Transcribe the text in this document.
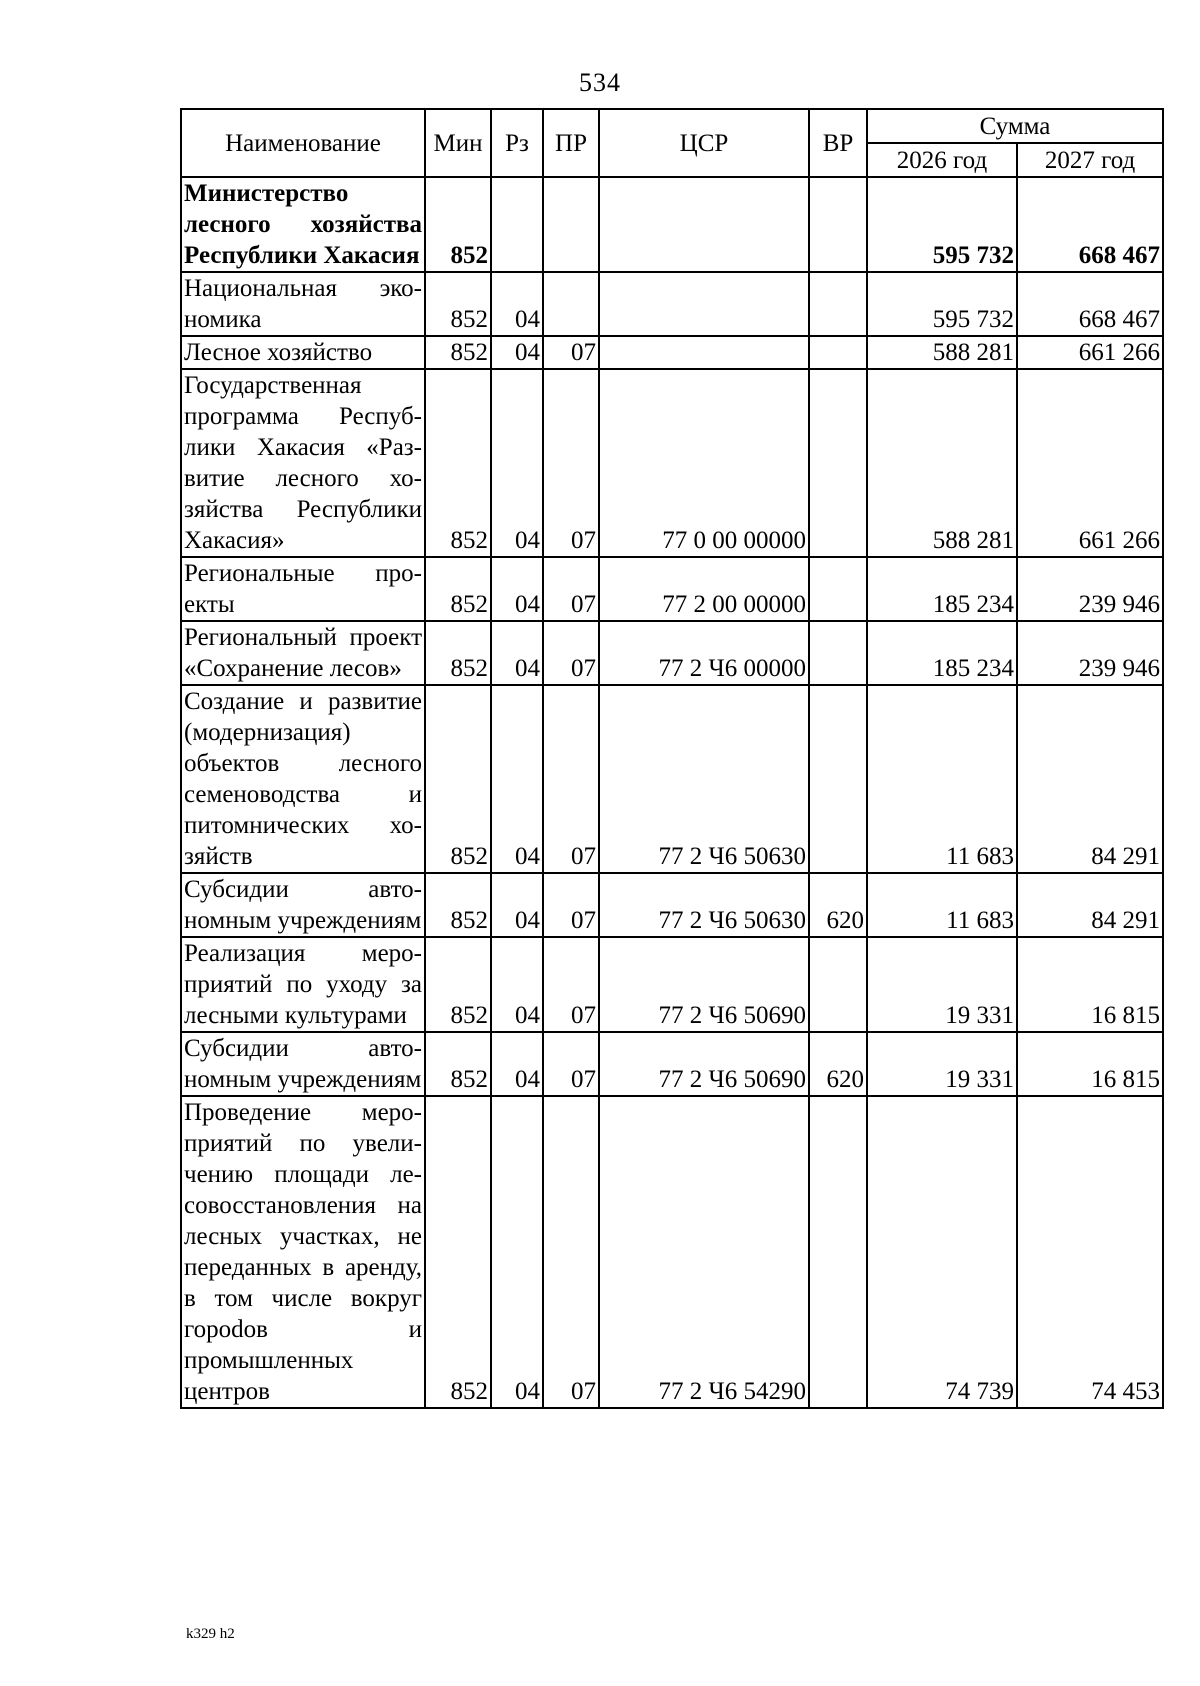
534
Наименование	Мин	Рз	ПР	ЦСР	ВР	Сумма	
						2026 год	2027 год
Министерство лесного хозяйства Республики Хакасия	852					595 732	668 467
Национальная экономика	852	04				595 732	668 467
Лесное хозяйство	852	04	07			588 281	661 266
Государственная программа Республики Хакасия «Развитие лесного хозяйства Республики Хакасия»	852	04	07	77 0 00 00000		588 281	661 266
Региональные проекты	852	04	07	77 2 00 00000		185 234	239 946
Региональный проект «Сохранение лесов»	852	04	07	77 2 Ч6 00000		185 234	239 946
Создание и развитие (модернизация) объектов лесного семеноводства и питомнических хозяйств	852	04	07	77 2 Ч6 50630		11 683	84 291
Субсидии автономным учреждениям	852	04	07	77 2 Ч6 50630	620	11 683	84 291
Реализация мероприятий по уходу за лесными культурами	852	04	07	77 2 Ч6 50690		19 331	16 815
Субсидии автономным учреждениям	852	04	07	77 2 Ч6 50690	620	19 331	16 815
Проведение мероприятий по увеличению площади лесовосстановления на лесных участках, не переданных в аренду, в том числе вокруг гороdов и промышленных центров	852	04	07	77 2 Ч6 54290		74 739	74 453
k329 h2
